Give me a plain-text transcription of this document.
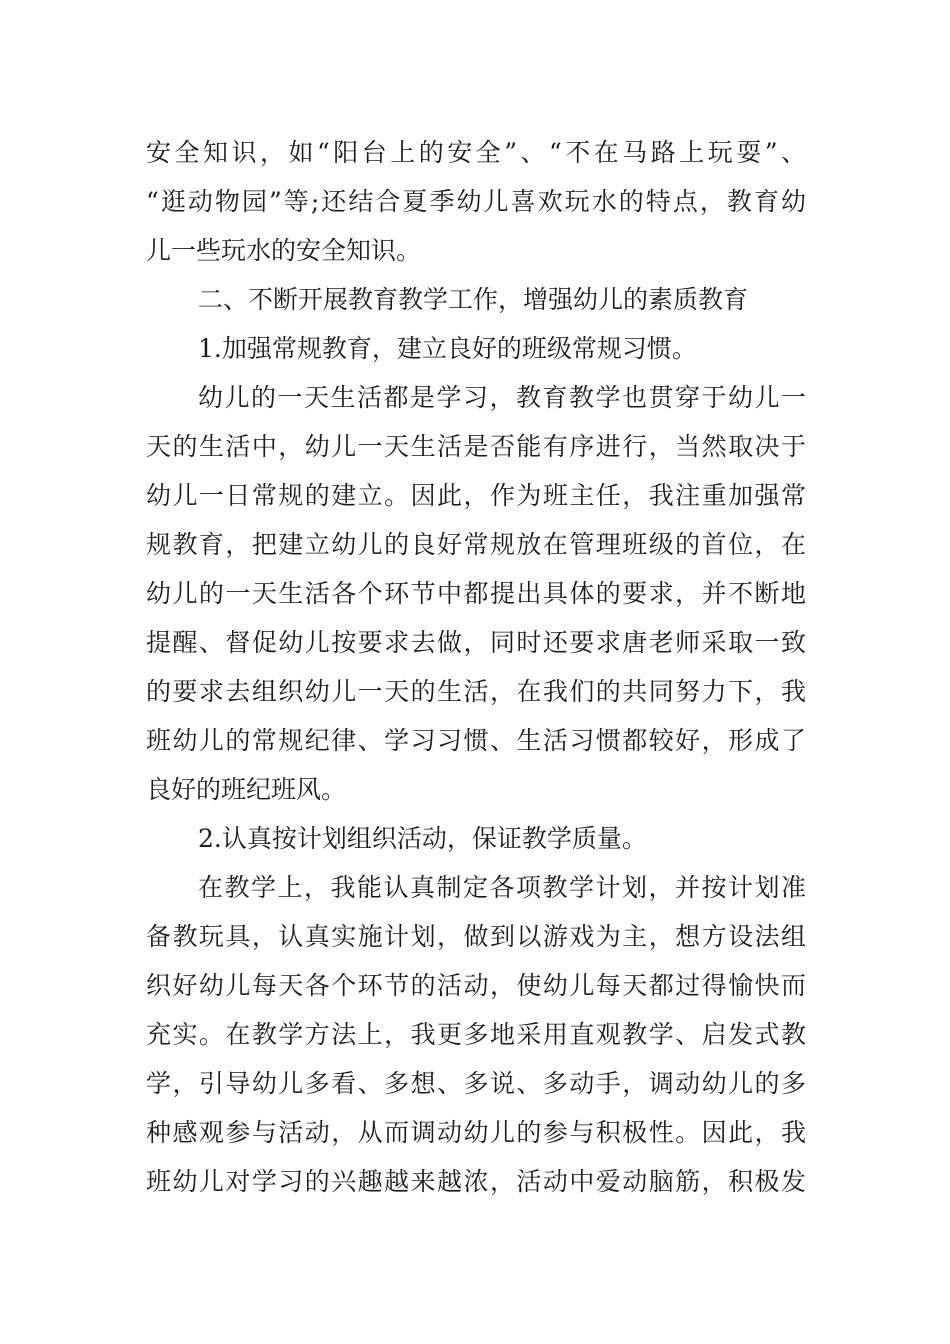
安全知识，如“阳台上的安全”、“不在马路上玩耍”、
“逛动物园”等;还结合夏季幼儿喜欢玩水的特点，教育幼
儿一些玩水的安全知识。
二、不断开展教育教学工作，增强幼儿的素质教育
1.加强常规教育，建立良好的班级常规习惯。
幼儿的一天生活都是学习，教育教学也贯穿于幼儿一
天的生活中，幼儿一天生活是否能有序进行，当然取决于
幼儿一日常规的建立。因此，作为班主任，我注重加强常
规教育，把建立幼儿的良好常规放在管理班级的首位，在
幼儿的一天生活各个环节中都提出具体的要求，并不断地
提醒、督促幼儿按要求去做，同时还要求唐老师采取一致
的要求去组织幼儿一天的生活，在我们的共同努力下，我
班幼儿的常规纪律、学习习惯、生活习惯都较好，形成了
良好的班纪班风。
2.认真按计划组织活动，保证教学质量。
在教学上，我能认真制定各项教学计划，并按计划准
备教玩具，认真实施计划，做到以游戏为主，想方设法组
织好幼儿每天各个环节的活动，使幼儿每天都过得愉快而
充实。在教学方法上，我更多地采用直观教学、启发式教
学，引导幼儿多看、多想、多说、多动手，调动幼儿的多
种感观参与活动，从而调动幼儿的参与积极性。因此，我
班幼儿对学习的兴趣越来越浓，活动中爱动脑筋，积极发
